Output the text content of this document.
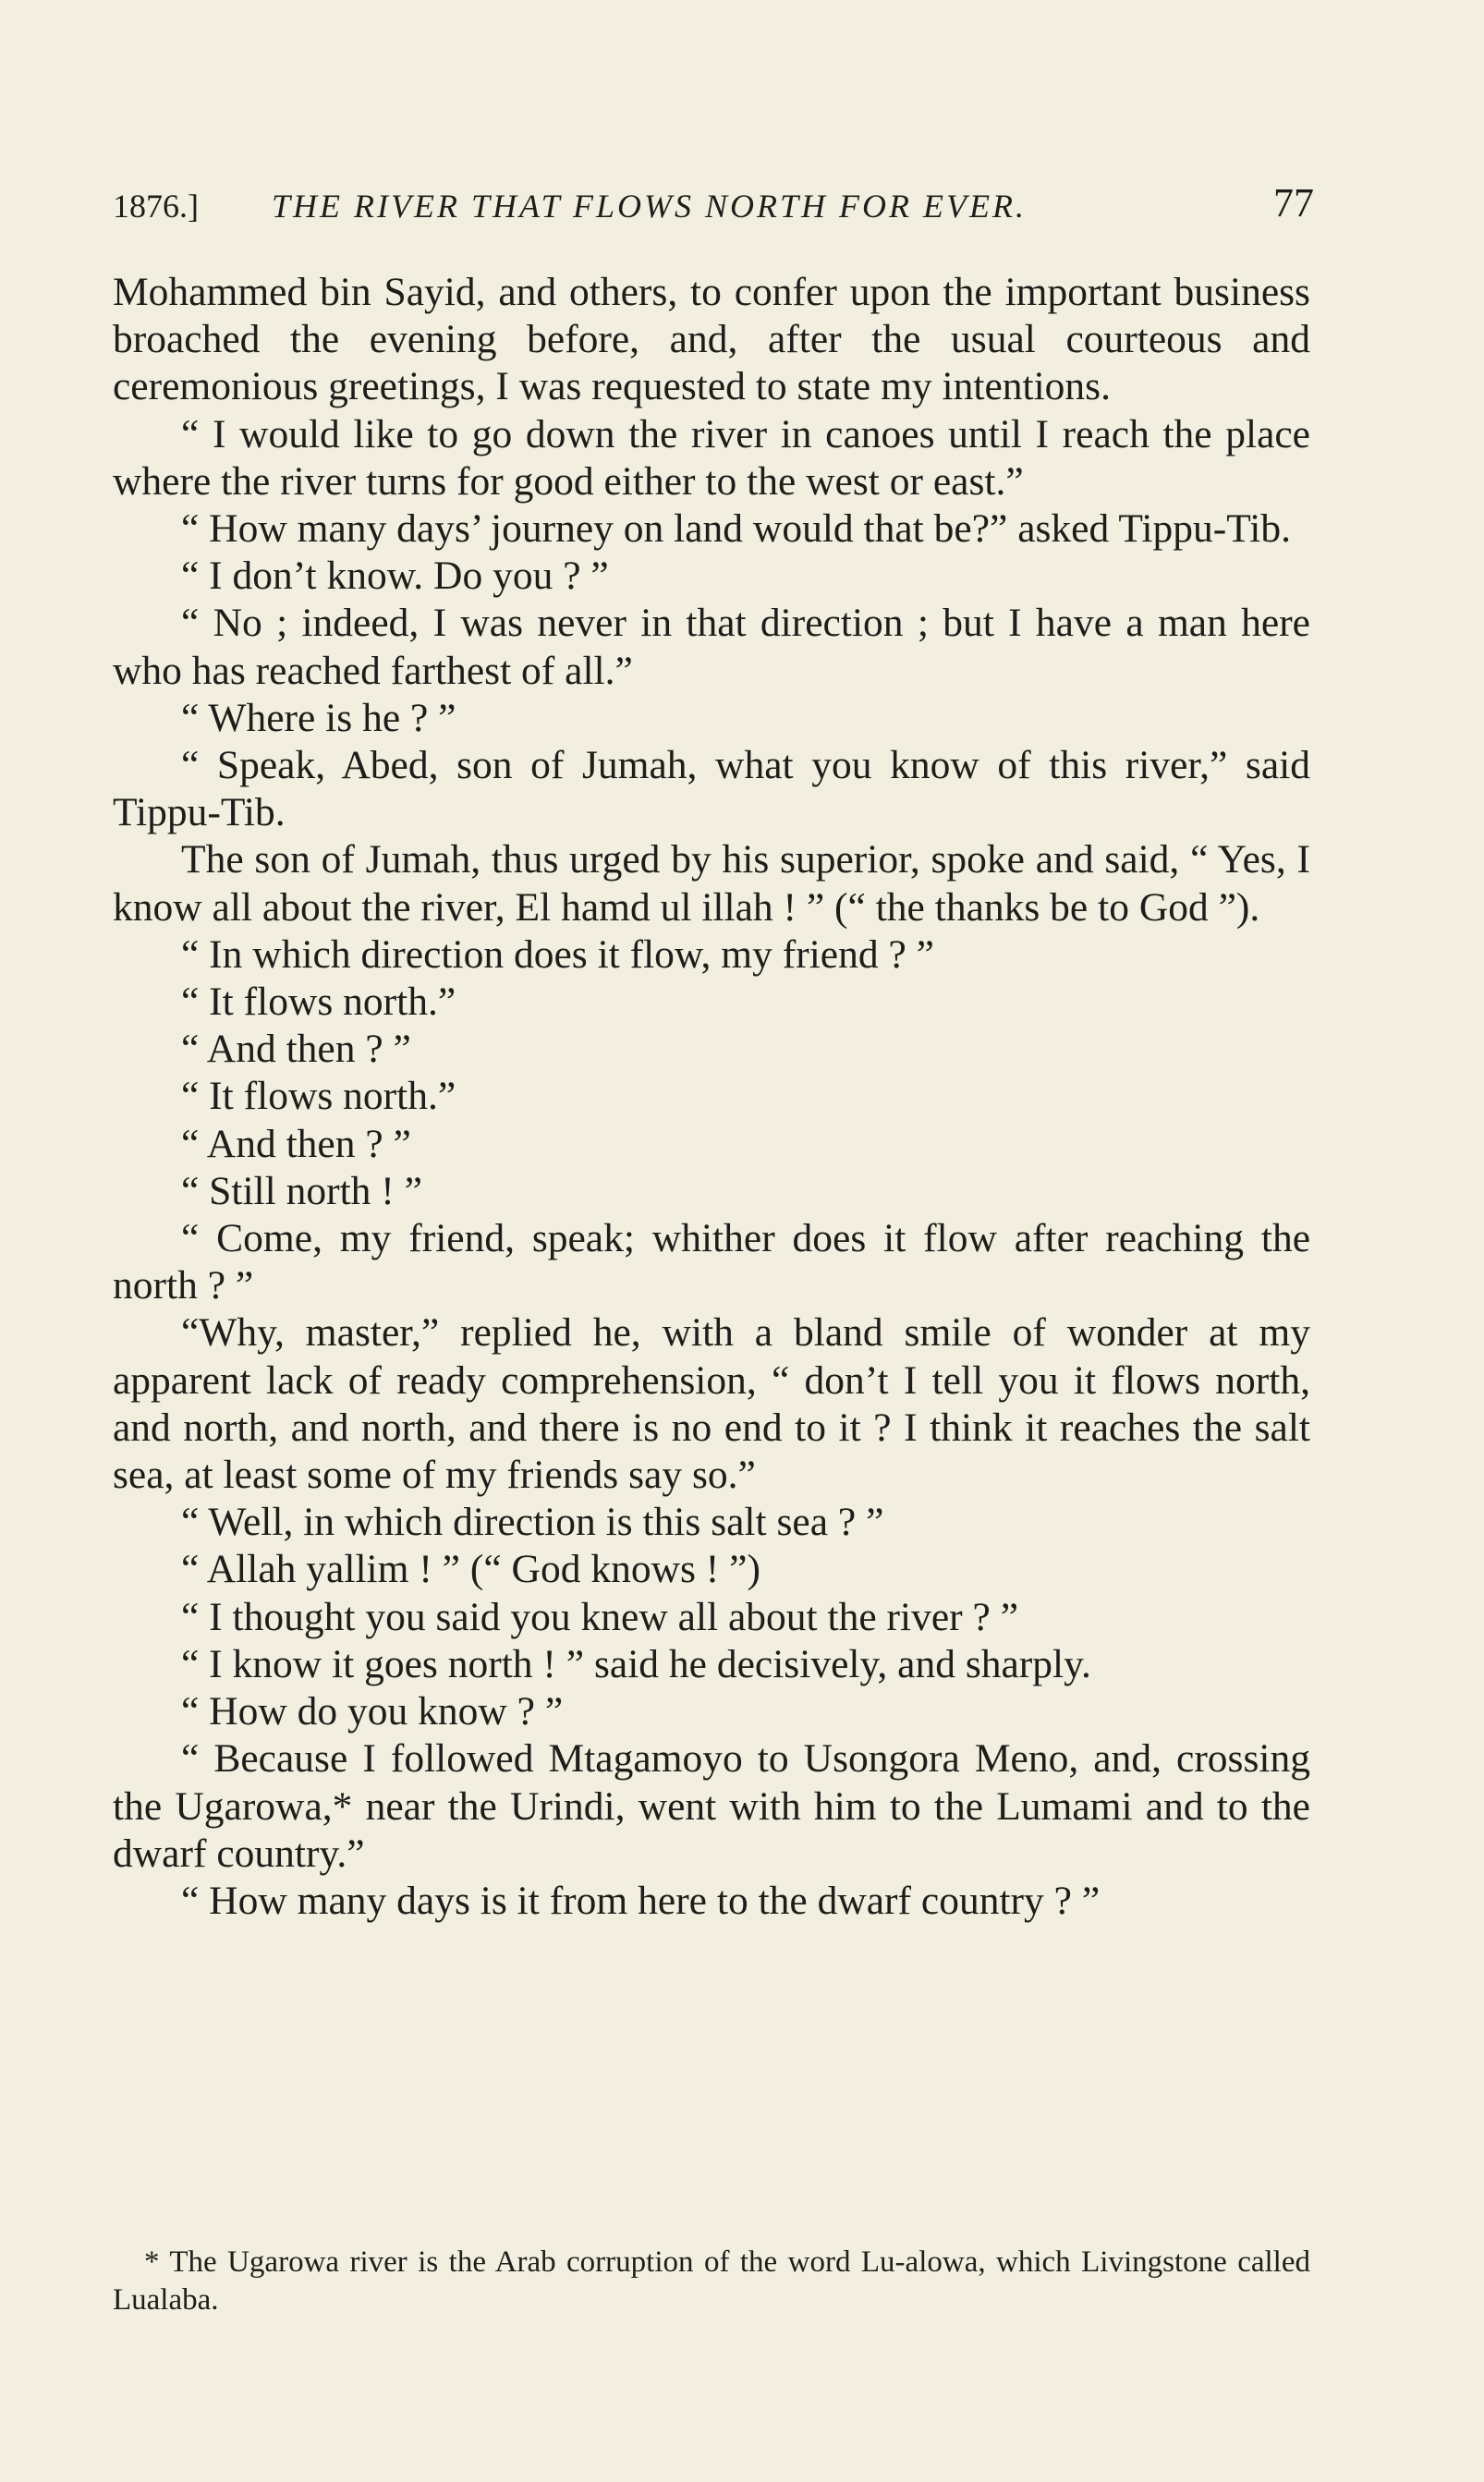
1876.] THE RIVER THAT FLOWS NORTH FOR EVER.	77

Mohammed bin Sayid, and others, to confer upon the important business broached the evening before, and, after the usual courteous and ceremonious greetings, I was requested to state my intentions.

“ I would like to go down the river in canoes until I reach the place where the river turns for good either to the west or east.”

“ How many days’ journey on land would that be?” asked Tippu-Tib.

“ I don’t know. Do you ? ”

“ No ; indeed, I was never in that direction ; but I have a man here who has reached farthest of all.”

“ Where is he ? ”

“ Speak, Abed, son of Jumah, what you know of this river,” said Tippu-Tib.

The son of Jumah, thus urged by his superior, spoke and said, “ Yes, I know all about the river, El hamd ul illah ! ” (“ the thanks be to God ”).

“ In which direction does it flow, my friend ? ”

“ It flows north.”

“ And then ? ”

“ It flows north.”

“ And then ? ”

“ Still north ! ”

“ Come, my friend, speak; whither does it flow after reaching the north ? ”

“Why, master,” replied he, with a bland smile of wonder at my apparent lack of ready comprehension, “ don’t I tell you it flows north, and north, and north, and there is no end to it ? I think it reaches the salt sea, at least some of my friends say so.”

“ Well, in which direction is this salt sea ? ”

“ Allah yallim ! ” (“ God knows ! ”)

“ I thought you said you knew all about the river ? ”

“ I know it goes north ! ” said he decisively, and sharply.

“ How do you know ? ”

“ Because I followed Mtagamoyo to Usongora Meno, and, crossing the Ugarowa,* near the Urindi, went with him to the Lumami and to the dwarf country.”

“ How many days is it from here to the dwarf country ? ”

* The Ugarowa river is the Arab corruption of the word Lu-alowa, which Livingstone called Lualaba.
